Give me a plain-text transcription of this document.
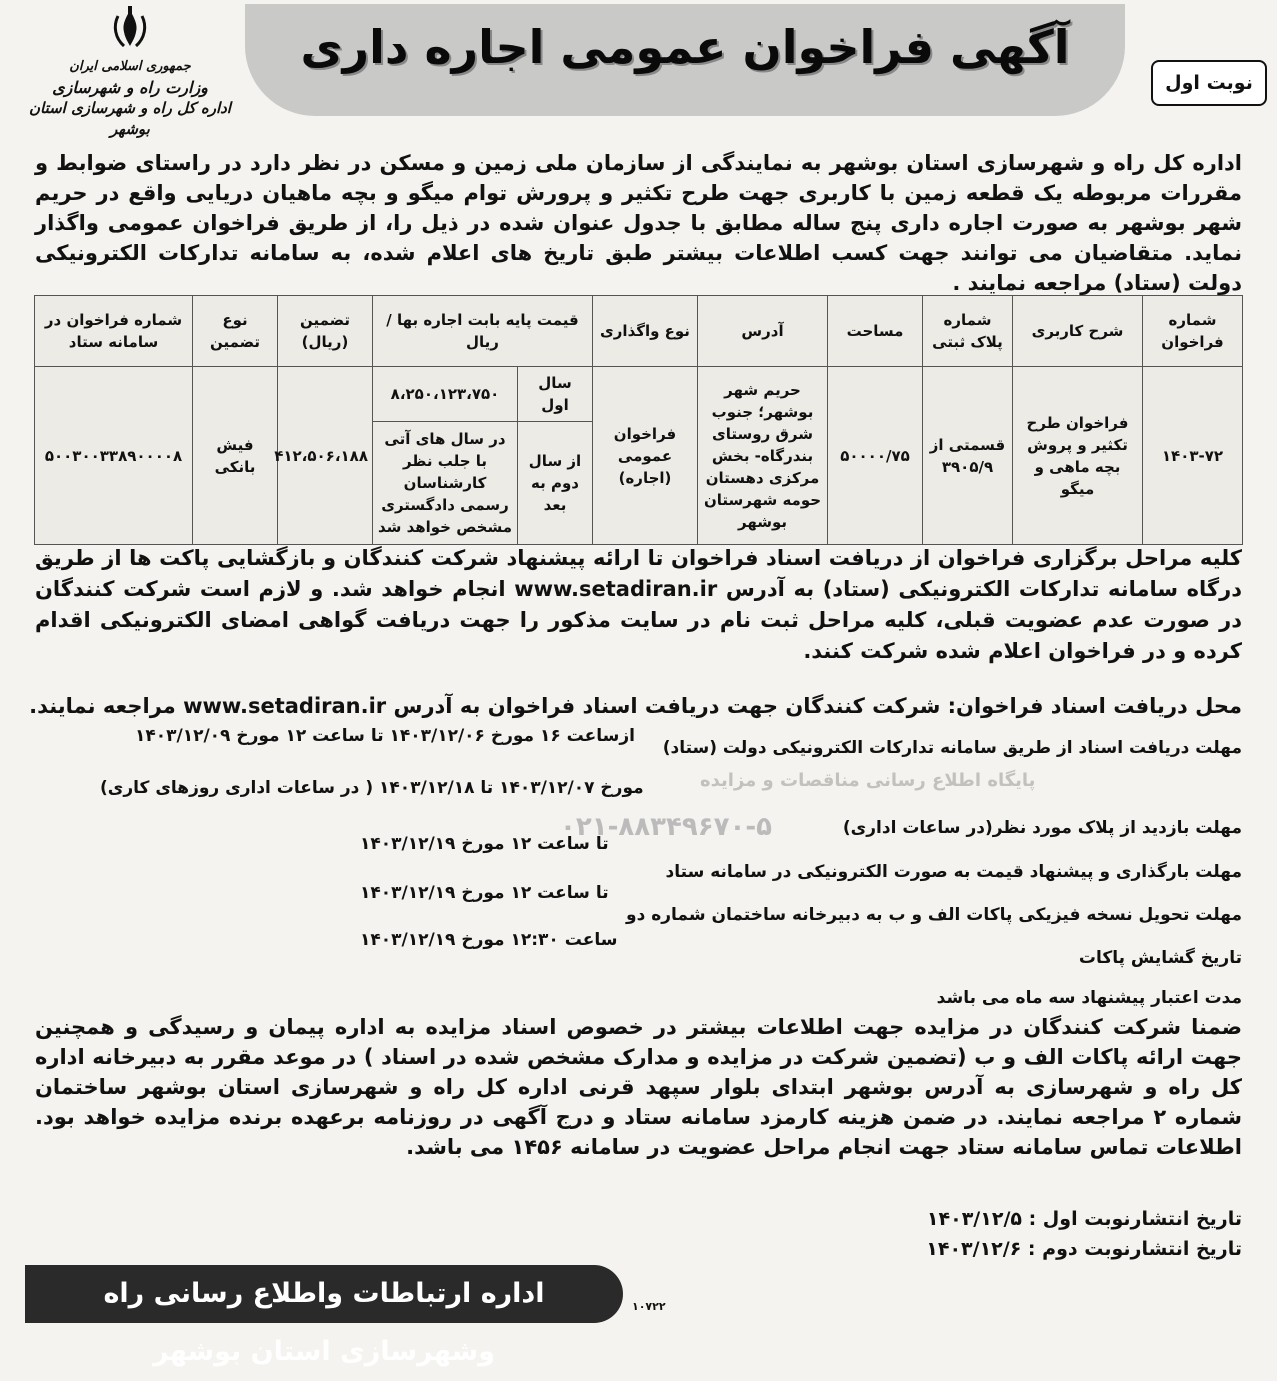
آگهی فراخوان عمومی اجاره داری
نوبت اول
جمهوری اسلامی ایران
وزارت راه و شهرسازی
اداره کل راه و شهرسازی استان بوشهر
اداره کل راه و شهرسازی استان بوشهر به نمایندگی از سازمان ملی زمین و مسکن در نظر دارد در راستای ضوابط و مقررات مربوطه یک قطعه زمین با کاربری جهت طرح تکثیر و پرورش توام میگو و بچه ماهیان دریایی واقع در حریم شهر بوشهر به صورت اجاره داری پنج ساله مطابق با جدول عنوان شده در ذیل را، از طریق فراخوان عمومی واگذار نماید. متقاضیان می توانند جهت کسب اطلاعات بیشتر طبق تاریخ های اعلام شده، به سامانه تدارکات الکترونیکی دولت (ستاد) مراجعه نمایند .
شماره فراخوان	شرح کاربری	شماره پلاک ثبتی	مساحت	آدرس	نوع واگذاری	قیمت پایه بابت اجاره بها / ریال		تضمین (ریال)	نوع تضمین	شماره فراخوان در سامانه ستاد
۱۴۰۳-۷۲	فراخوان طرح تکثیر و پروش بچه ماهی و میگو	قسمتی از ۳۹۰۵/۹	۵۰۰۰۰/۷۵	حریم شهر بوشهر؛ جنوب شرق روستای بندرگاه- بخش مرکزی دهستان حومه شهرستان بوشهر	فراخوان عمومی (اجاره)	سال اول	۸،۲۵۰،۱۲۳،۷۵۰	۴۱۲،۵۰۶،۱۸۸	فیش بانکی	۵۰۰۳۰۰۳۳۸۹۰۰۰۰۸
						از سال دوم به بعد	در سال های آتی با جلب نظر کارشناسان رسمی دادگستری مشخص خواهد شد			
کلیه مراحل برگزاری فراخوان از دریافت اسناد فراخوان تا ارائه پیشنهاد شرکت کنندگان و بازگشایی پاکت ها از طریق درگاه سامانه تدارکات الکترونیکی (ستاد) به آدرس www.setadiran.ir انجام خواهد شد. و لازم است شرکت کنندگان در صورت عدم عضویت قبلی، کلیه مراحل ثبت نام در سایت مذکور را جهت دریافت گواهی امضای الکترونیکی اقدام کرده و در فراخوان اعلام شده شرکت کنند.
محل دریافت اسناد فراخوان: شرکت کنندگان جهت دریافت اسناد فراخوان به آدرس www.setadiran.ir مراجعه نمایند.
پایگاه اطلاع رسانی مناقصات و مزایده
۰۲۱-۸۸۳۴۹۶۷۰-۵
مهلت دریافت اسناد از طریق سامانه تدارکات الکترونیکی دولت (ستاد)
ازساعت ۱۶ مورخ ۱۴۰۳/۱۲/۰۶ تا ساعت ۱۲ مورخ ۱۴۰۳/۱۲/۰۹
مهلت بازدید از پلاک مورد نظر(در ساعات اداری)
مورخ ۱۴۰۳/۱۲/۰۷ تا ۱۴۰۳/۱۲/۱۸ ( در ساعات اداری روزهای کاری)
مهلت بارگذاری و پیشنهاد قیمت به صورت الکترونیکی در سامانه ستاد
تا ساعت ۱۲ مورخ ۱۴۰۳/۱۲/۱۹
مهلت تحویل نسخه فیزیکی پاکات الف و ب به دبیرخانه ساختمان شماره دو
تا ساعت ۱۲ مورخ ۱۴۰۳/۱۲/۱۹
تاریخ گشایش پاکات
ساعت ۱۲:۳۰ مورخ ۱۴۰۳/۱۲/۱۹
مدت اعتبار پیشنهاد سه ماه می باشد
ضمنا شرکت کنندگان در مزایده جهت اطلاعات بیشتر در خصوص اسناد مزایده به اداره پیمان و رسیدگی و همچنین جهت ارائه پاکات الف و ب (تضمین شرکت در مزایده و مدارک مشخص شده در اسناد ) در موعد مقرر به دبیرخانه اداره کل راه و شهرسازی به آدرس بوشهر ابتدای بلوار سپهد قرنی اداره کل راه و شهرسازی استان بوشهر ساختمان شماره ۲ مراجعه نمایند. در ضمن هزینه کارمزد سامانه ستاد و درج آگهی در روزنامه برعهده برنده مزایده خواهد بود. اطلاعات تماس سامانه ستاد جهت انجام مراحل عضویت در سامانه ۱۴۵۶ می باشد.
تاریخ انتشارنوبت اول : ۱۴۰۳/۱۲/۵
تاریخ انتشارنوبت دوم : ۱۴۰۳/۱۲/۶
اداره ارتباطات واطلاع رسانی راه وشهرسازی استان بوشهر
۱۰۷۲۲
